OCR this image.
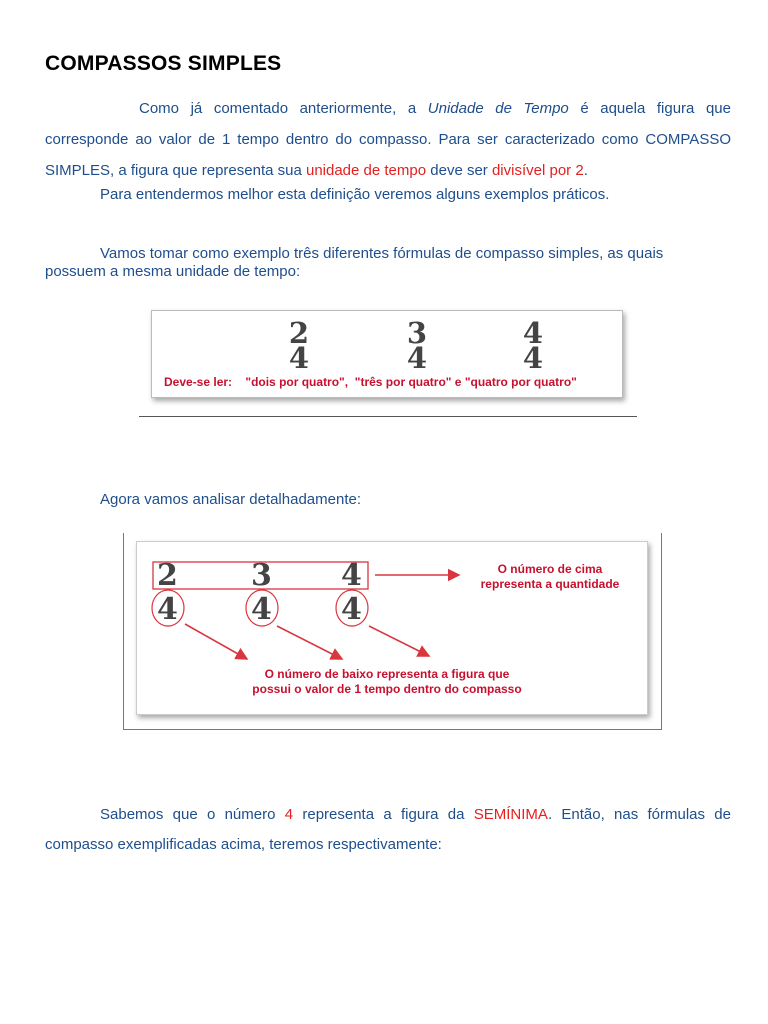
COMPASSOS SIMPLES
Como já comentado anteriormente, a Unidade de Tempo é aquela figura que corresponde ao valor de 1 tempo dentro do compasso. Para ser caracterizado como COMPASSO SIMPLES, a figura que representa sua unidade de tempo deve ser divisível por 2.
Para entendermos melhor esta definição veremos alguns exemplos práticos.
Vamos tomar como exemplo três diferentes fórmulas de compasso simples, as quais possuem a mesma unidade de tempo:
2
4
3
4
4
4
Deve-se ler:    "dois por quatro",  "três por quatro" e "quatro por quatro"
Agora vamos analisar detalhadamente:
2 3 4
4 4 4
O número de cima
representa a quantidade
O número de baixo representa a figura que
possui o valor de 1 tempo dentro do compasso
Sabemos que o número 4 representa a figura da SEMÍNIMA. Então, nas fórmulas de compasso exemplificadas acima, teremos respectivamente:
